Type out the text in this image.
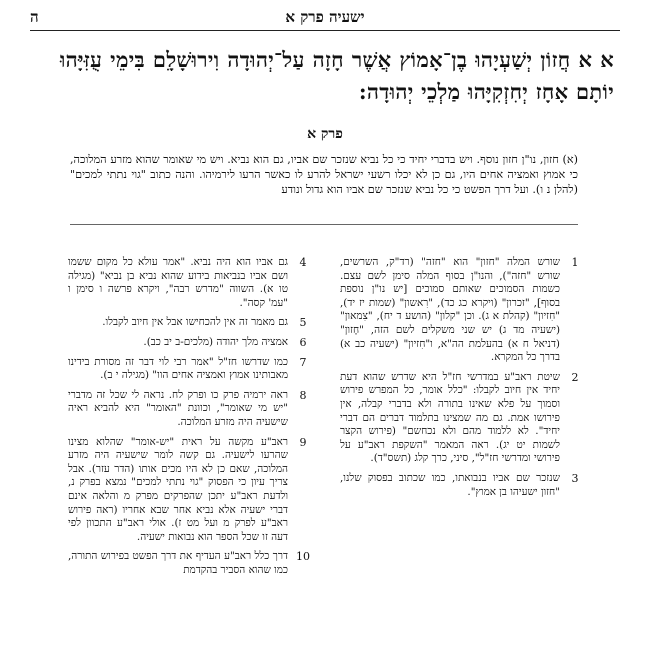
ישעיה פרק א
ה
א א חֲזוֹן יְשַׁעְיָהוּ בֶן־אָמוֹץ אֲשֶׁר חָזָה עַל־יְהוּדָה וִירוּשָׁלִָם בִּימֵי עֻזִּיָּהוּ יוֹתָם אָחָז יְחִזְקִיָּהוּ מַלְכֵי יְהוּדָה:
פרק א
(א) חזון, נו"ן חזון נוסף. ויש בדברי יחיד כי כל נביא שנזכר שם אביו, גם הוא נביא. ויש מי שאומר שהוא מזרע המלוכה, כי אמוץ ואמציה אחים היו, גם כן לא יכלו רשעי ישראל להרע לו כאשר הרעו לירמיהו. והנה כתוב "גוי נתתי למכים" (להלן נ ו). ועל דרך הפשט כי כל נביא שנזכר שם אביו הוא גדול ונודע
1
שורש המלה "חזון" הוא "חזה" (רד"ק, השרשים, שורש "חזה"), והנו"ן בסוף המלה סימן לשם עצם. כשמות הסמוכים שאותם סמוכים [יש נו"ן נוספת בסוף], "זכרון" (ויקרא כג כד), "רִאשון" (שמות יז יד), "חִזיון" (קהלת א ג). וכן "קלון" (הושע ד יח), "צִמאון" (ישעיה מד ג) יש שני משקלים לשם הזה, "חָזון" (דניאל ח א) בהעלמת הה"א, ו"חִזיון" (ישעיה כב א) בדרך כל המקרא.
2
שיטת ראב"ע במדרשי חז"ל היא שדרש שהוא דעת יחיד אין חיוב לקבלו: "כלל אומר, כל המפרש פירוש וסמוך על פלא שאינו בתורה ולא בדברי קבלה, אין פירושו אמת. גם מה שמצינו בתלמוד דברים הם דברי יחיד". לא ללמוד מהם ולא נכחשם" (פירוש הקצר לשמות יט יג). ראה המאמר "השקפת ראב"ע על פירושי ומדרשי חז"ל", סיני, כרך קלג (תשס"ד).
3
שנזכר שם אביו בנבואתו, כמו שכתוב בפסוק שלנו, "חזון ישעיהו בן אמוץ".
4
גם אביו הוא היה נביא. "אמר עולא כל מקום ששמו ושם אביו בנביאות בידוע שהוא נביא בן נביא" (מגילה טו א). השווה "מדרש רבה", ויקרא פרשה ו סימן ו "עמ' קסה".
5
גם מאמר זה אין להכחישו אבל אין חיוב לקבלו.
6
אמציה מלך יהודה (מלכים-ב יב כב).
7
כמו שדרשו חז"ל "אמר רבי לוי דבר זה מסורת בידינו מאבותינו אמוץ ואמציה אחים הוו" (מגילה י ב).
8
ראה ירמיה פרק כו ופרק לח. נראה לי שכל זה מדברי "יש מי שאומר", וכוונת "האומר" היא להביא ראיה שישעיה היה מזרע המלוכה.
9
ראב"ע מקשה על ראית "יש-אומר" שהלוא מצינו שהרעו לישעיה. גם קשה לומר שישעיה היה מזרע המלוכה, שאם כן לא היו מכים אותו (הדר עזר). אבל צריך עיון כי הפסוק "גוי נתתי למכים" נמצא בפרק נ, ולדעת ראב"ע יתכן שהפרקים מפרק מ והלאה אינם דברי ישעיה אלא נביא אחר שבא אחריו (ראה פירוש ראב"ע לפרק מ ועל מט ז). אולי ראב"ע התכוון לפי דעה זו שכל הספר הוא נבואות ישעיה.
10
דרך כלל ראב"ע העדיף את דרך הפשט בפירוש התורה, כמו שהוא הסביר בהקדמת
